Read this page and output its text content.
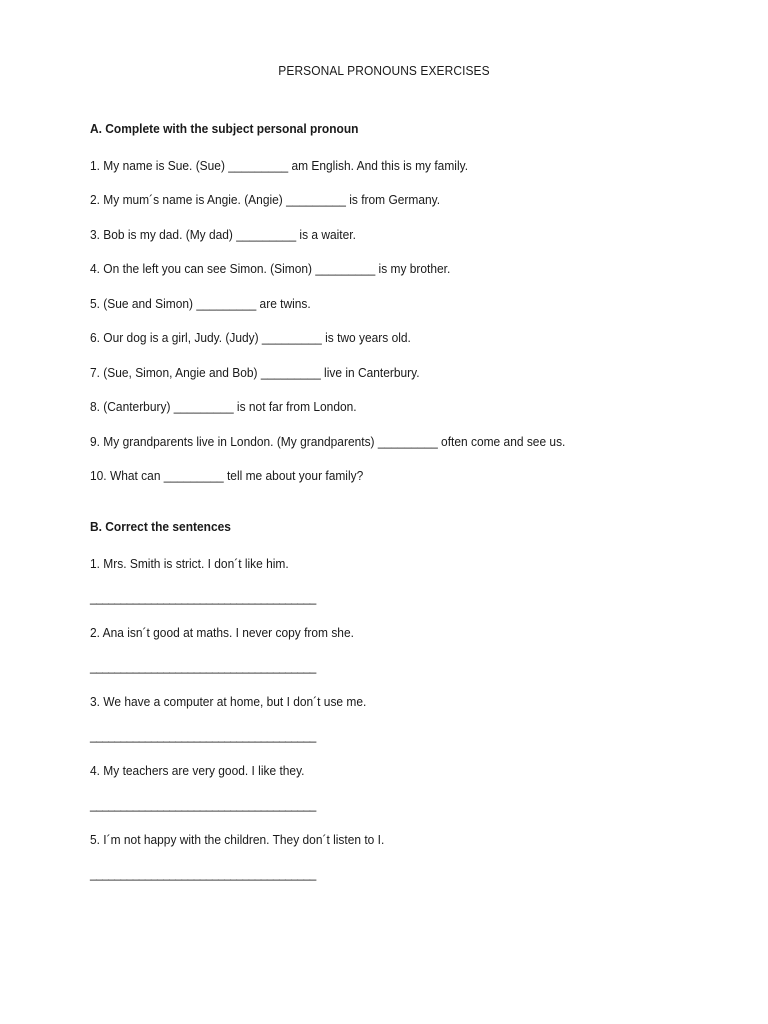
PERSONAL PRONOUNS EXERCISES
A. Complete with the subject personal pronoun
1. My name is Sue. (Sue) _________ am English. And this is my family.
2. My mum´s name is Angie. (Angie) _________ is from Germany.
3. Bob is my dad. (My dad) _________ is a waiter.
4. On the left you can see Simon. (Simon) _________ is my brother.
5. (Sue and Simon) _________ are twins.
6. Our dog is a girl, Judy. (Judy) _________ is two years old.
7. (Sue, Simon, Angie and Bob) _________ live in Canterbury.
8. (Canterbury) _________ is not far from London.
9. My grandparents live in London. (My grandparents) _________ often come and see us.
10. What can _________ tell me about your family?
B. Correct the sentences
1. Mrs. Smith is strict. I don´t like him.
_____________________________________
2. Ana isn´t good at maths. I never copy from she.
_____________________________________
3. We have a computer at home, but I don´t use me.
_____________________________________
4. My teachers are very good. I like they.
_____________________________________
5. I´m not happy with the children. They don´t listen to I.
_____________________________________
